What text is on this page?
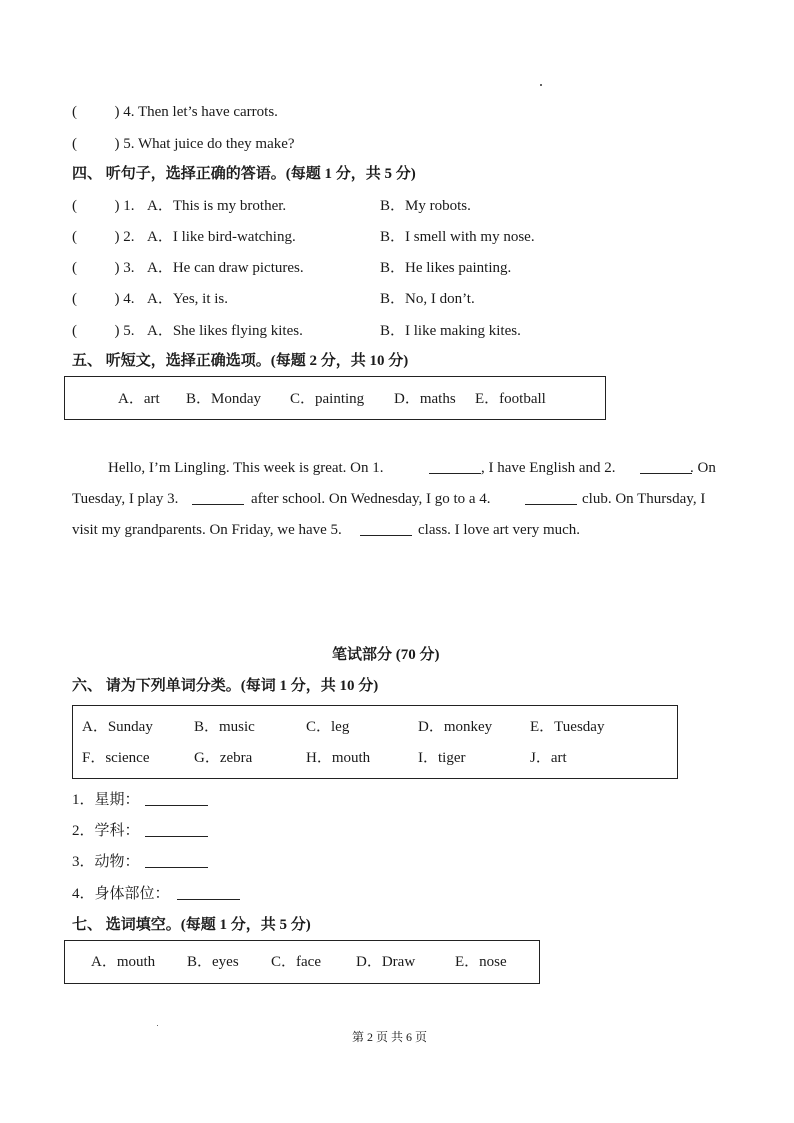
(          ) 4. Then let’s have carrots.
(          ) 5. What juice do they make?
四、 听句子，选择正确的答语。(每题 1 分，共 5 分)
(          ) 1. A．This is my brother.	B．My robots.
(          ) 2. A．I like bird-watching.	B．I smell with my nose.
(          ) 3. A．He can draw pictures.	B．He likes painting.
(          ) 4. A．Yes, it is.	B．No, I don’t.
(          ) 5. A．She likes flying kites.	B．I like making kites.
五、 听短文，选择正确选项。(每题 2 分，共 10 分)
A．art B．Monday C．painting D．maths E．football
Hello, I’m Lingling. This week is great. On 1.	, I have English and 2.	. On
Tuesday, I play 3.	after school. On Wednesday, I go to a 4.	club. On Thursday, I
visit my grandparents. On Friday, we have 5.	class. I love art very much.
笔试部分 (70 分)
六、 请为下列单词分类。(每词 1 分，共 10 分)
A．Sunday	B．music	C．leg	D．monkey	E．Tuesday
F．science	G．zebra	H．mouth	I．tiger	J．art
1．星期：
2．学科：
3．动物：
4．身体部位：
七、 选词填空。(每题 1 分，共 5 分)
A．mouth B．eyes C．face D．Draw	E．nose
第 2 页 共 6 页
